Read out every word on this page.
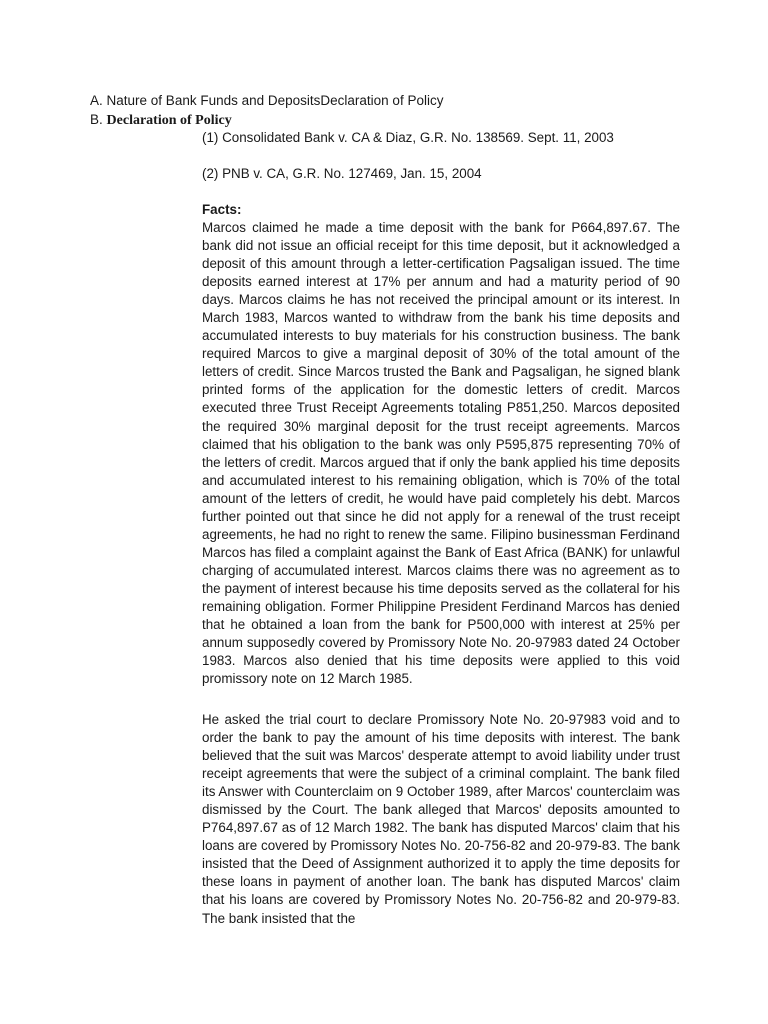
A. Nature of Bank Funds and DepositsDeclaration of Policy
B. Declaration of Policy
(1) Consolidated Bank v. CA & Diaz, G.R. No. 138569. Sept. 11, 2003
(2) PNB v. CA, G.R. No. 127469, Jan. 15, 2004
Facts:

Marcos claimed he made a time deposit with the bank for P664,897.67. The bank did not issue an official receipt for this time deposit, but it acknowledged a deposit of this amount through a letter-certification Pagsaligan issued. The time deposits earned interest at 17% per annum and had a maturity period of 90 days. Marcos claims he has not received the principal amount or its interest. In March 1983, Marcos wanted to withdraw from the bank his time deposits and accumulated interests to buy materials for his construction business. The bank required Marcos to give a marginal deposit of 30% of the total amount of the letters of credit. Since Marcos trusted the Bank and Pagsaligan, he signed blank printed forms of the application for the domestic letters of credit. Marcos executed three Trust Receipt Agreements totaling P851,250. Marcos deposited the required 30% marginal deposit for the trust receipt agreements. Marcos claimed that his obligation to the bank was only P595,875 representing 70% of the letters of credit. Marcos argued that if only the bank applied his time deposits and accumulated interest to his remaining obligation, which is 70% of the total amount of the letters of credit, he would have paid completely his debt. Marcos further pointed out that since he did not apply for a renewal of the trust receipt agreements, he had no right to renew the same. Filipino businessman Ferdinand Marcos has filed a complaint against the Bank of East Africa (BANK) for unlawful charging of accumulated interest. Marcos claims there was no agreement as to the payment of interest because his time deposits served as the collateral for his remaining obligation. Former Philippine President Ferdinand Marcos has denied that he obtained a loan from the bank for P500,000 with interest at 25% per annum supposedly covered by Promissory Note No. 20-97983 dated 24 October 1983. Marcos also denied that his time deposits were applied to this void promissory note on 12 March 1985.

He asked the trial court to declare Promissory Note No. 20-97983 void and to order the bank to pay the amount of his time deposits with interest. The bank believed that the suit was Marcos' desperate attempt to avoid liability under trust receipt agreements that were the subject of a criminal complaint. The bank filed its Answer with Counterclaim on 9 October 1989, after Marcos' counterclaim was dismissed by the Court. The bank alleged that Marcos' deposits amounted to P764,897.67 as of 12 March 1982. The bank has disputed Marcos' claim that his loans are covered by Promissory Notes No. 20-756-82 and 20-979-83. The bank insisted that the Deed of Assignment authorized it to apply the time deposits for these loans in payment of another loan. The bank has disputed Marcos' claim that his loans are covered by Promissory Notes No. 20-756-82 and 20-979-83. The bank insisted that the
